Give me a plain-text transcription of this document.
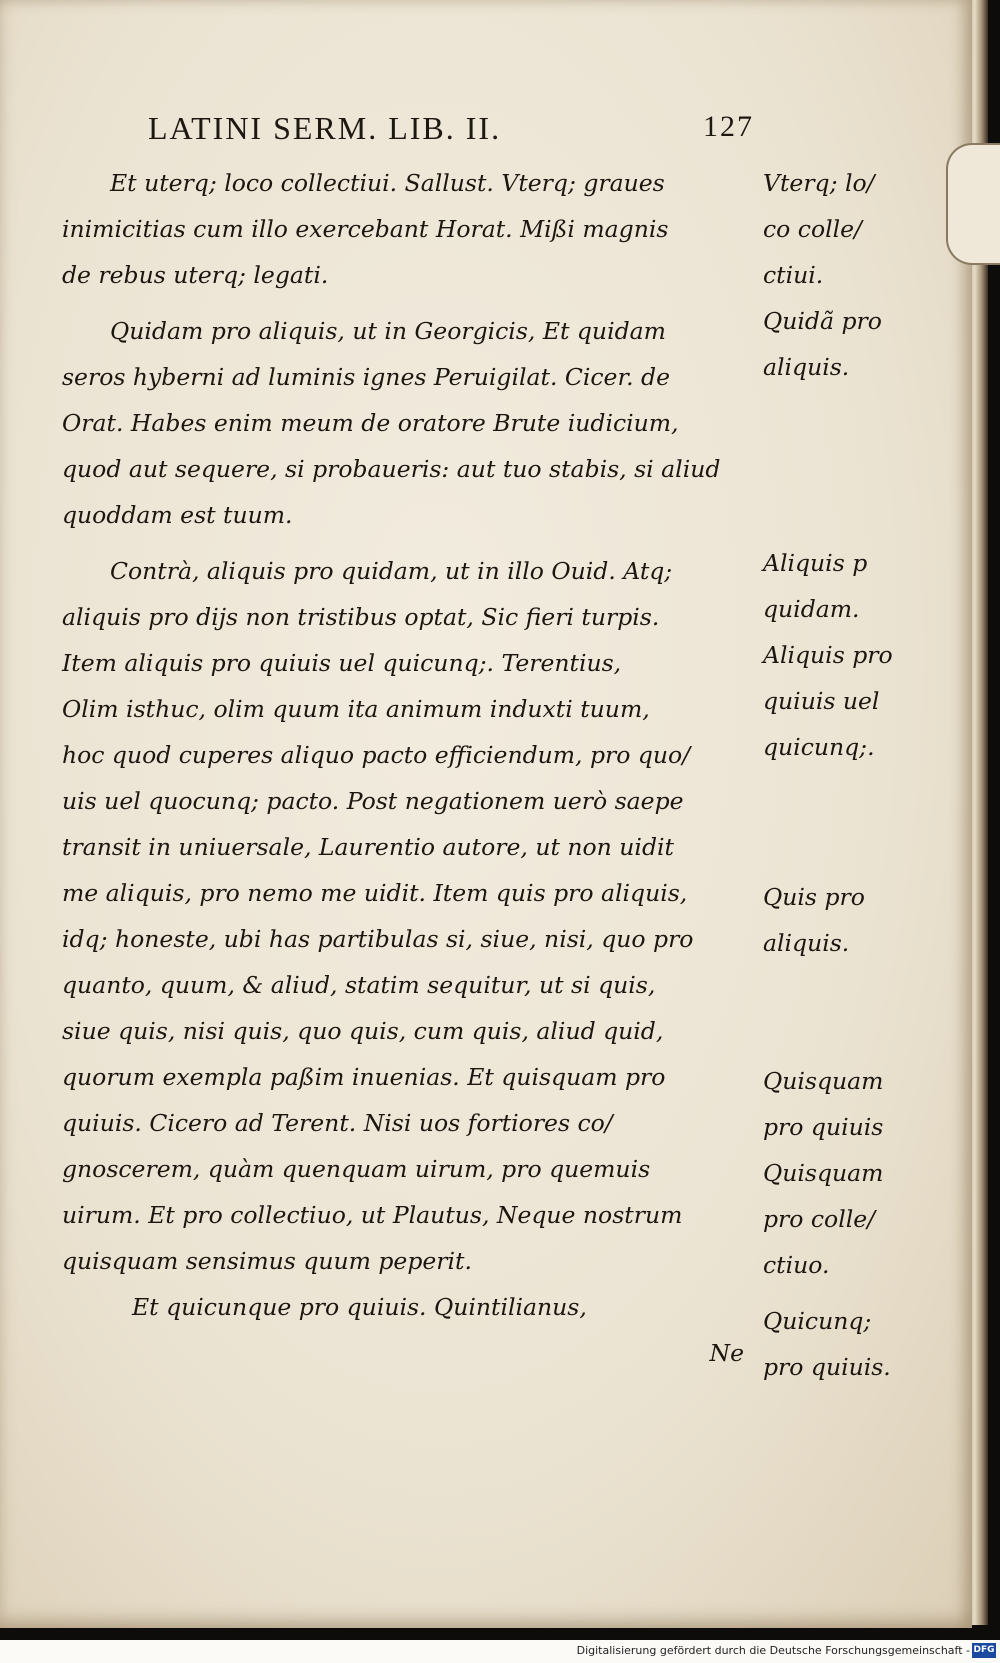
LATINI SERM. LIB. II.	127
Et uterq; loco collectiui. Sallust. Vterq; graues
inimicitias cum illo exercebant Horat. Mißi magnis
de rebus uterq; legati.
Quidam pro aliquis, ut in Georgicis, Et quidam
seros hyberni ad luminis ignes Peruigilat. Cicer. de
Orat. Habes enim meum de oratore Brute iudicium,
quod aut sequere, si probaueris: aut tuo stabis, si aliud
quoddam est tuum.
Contrà, aliquis pro quidam, ut in illo Ouid. Atq;
aliquis pro dijs non tristibus optat, Sic fieri turpis.
Item aliquis pro quiuis uel quicunq;. Terentius,
Olim isthuc, olim quum ita animum induxti tuum,
hoc quod cuperes aliquo pacto efficiendum, pro quo/
uis uel quocunq; pacto. Post negationem uerò saepe
transit in uniuersale, Laurentio autore, ut non uidit
me aliquis, pro nemo me uidit. Item quis pro aliquis,
idq; honeste, ubi has partibulas si, siue, nisi, quo pro
quanto, quum, & aliud, statim sequitur, ut si quis,
siue quis, nisi quis, quo quis, cum quis, aliud quid,
quorum exempla paßim inuenias. Et quisquam pro
quiuis. Cicero ad Terent. Nisi uos fortiores co/
gnoscerem, quàm quenquam uirum, pro quemuis
uirum. Et pro collectiuo, ut Plautus, Neque nostrum
quisquam sensimus quum peperit.
Et quicunque pro quiuis. Quintilianus,
Ne
Vterq; lo/
co colle/
ctiui.
Quidã pro
aliquis.
Aliquis p
quidam.
Aliquis pro
quiuis uel
quicunq;.
Quis pro
aliquis.
Quisquam
pro quiuis
Quisquam
pro colle/
ctiuo.
Quicunq;
pro quiuis.
Digitalisierung gefördert durch die Deutsche Forschungsgemeinschaft - DFG
